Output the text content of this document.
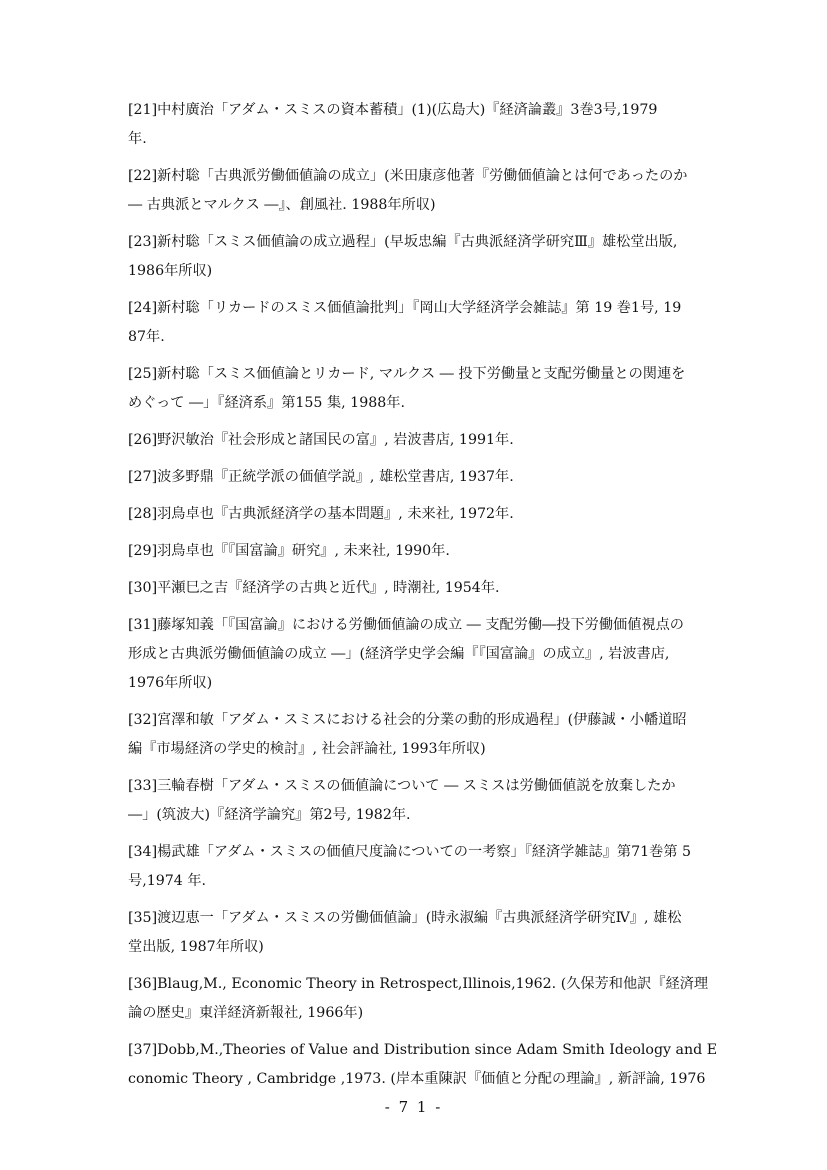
[21]中村廣治「アダム・スミスの資本蓄積」(1)(広島大)『経済論叢』3巻3号,1979
年.
[22]新村聡「古典派労働価値論の成立」(米田康彦他著『労働価値論とは何であったのか
― 古典派とマルクス ―』、創風社. 1988年所収)
[23]新村聡「スミス価値論の成立過程」(早坂忠編『古典派経済学研究Ⅲ』雄松堂出版,
1986年所収)
[24]新村聡「リカードのスミス価値論批判」『岡山大学経済学会雑誌』第 19 巻1号, 19
87年.
[25]新村聡「スミス価値論とリカード, マルクス ― 投下労働量と支配労働量との関連を
めぐって ―」『経済系』第155 集, 1988年.
[26]野沢敏治『社会形成と諸国民の富』, 岩波書店, 1991年.
[27]波多野鼎『正統学派の価値学説』, 雄松堂書店, 1937年.
[28]羽鳥卓也『古典派経済学の基本問題』, 未来社, 1972年.
[29]羽鳥卓也『『国富論』研究』, 未来社, 1990年.
[30]平瀬巳之吉『経済学の古典と近代』, 時潮社, 1954年.
[31]藤塚知義「『国富論』における労働価値論の成立 ― 支配労働―投下労働価値視点の
形成と古典派労働価値論の成立 ―」(経済学史学会編『『国富論』の成立』, 岩波書店,
1976年所収)
[32]宮澤和敏「アダム・スミスにおける社会的分業の動的形成過程」(伊藤誠・小幡道昭
編『市場経済の学史的検討』, 社会評論社, 1993年所収)
[33]三輪春樹「アダム・スミスの価値論について ― スミスは労働価値説を放棄したか
―」(筑波大)『経済学論究』第2号, 1982年.
[34]楊武雄「アダム・スミスの価値尺度論についての一考察」『経済学雑誌』第71巻第 5
号,1974 年.
[35]渡辺恵一「アダム・スミスの労働価値論」(時永淑編『古典派経済学研究Ⅳ』, 雄松
堂出版, 1987年所収)
[36]Blaug,M., Economic Theory in Retrospect,Illinois,1962. (久保芳和他訳『経済理
論の歴史』東洋経済新報社, 1966年)
[37]Dobb,M.,Theories of Value and Distribution since Adam Smith Ideology and E
conomic Theory , Cambridge ,1973. (岸本重陳訳『価値と分配の理論』, 新評論, 1976
- 7 1 -
